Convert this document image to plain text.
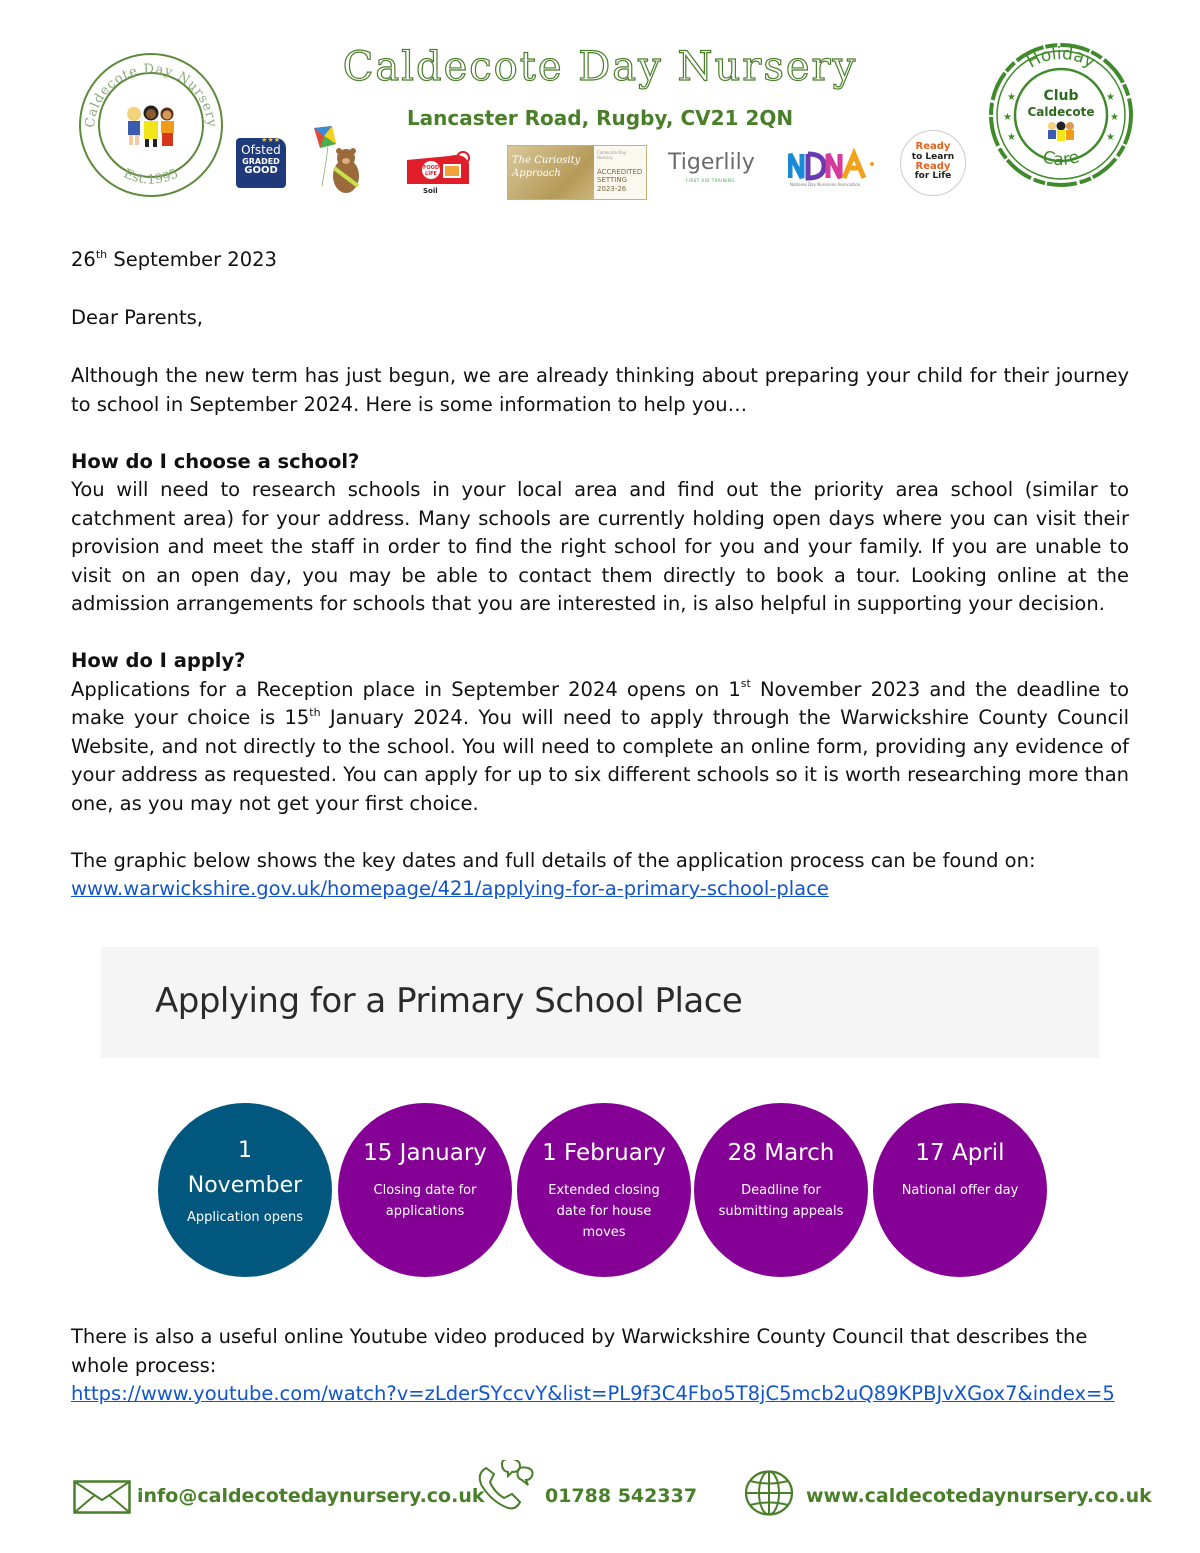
Caldecote Day Nursery
Est.1995
Caldecote Day Nursery
Lancaster Road, Rugby, CV21 2QN
★★★
Ofsted
GRADED
GOOD	FOOD
LIFE
Soil
The Curiosity Approach
Caldecote Day Nursery
ACCREDITED SETTING 2023-26
Tigerlily
FIRST AID TRAINING
National Day Nurseries Association
Ready
to Learn
Ready
for Life
Holiday
Care
Club
Caldecote
★
★
★
★
★
★

26th September 2023

Dear Parents,

Although the new term has just begun, we are already thinking about preparing your child for their journey to school in September 2024. Here is some information to help you…

How do I choose a school?

You will need to research schools in your local area and find out the priority area school (similar to catchment area) for your address. Many schools are currently holding open days where you can visit their provision and meet the staff in order to find the right school for you and your family. If you are unable to visit on an open day, you may be able to contact them directly to book a tour. Looking online at the admission arrangements for schools that you are interested in, is also helpful in supporting your decision.

How do I apply?

Applications for a Reception place in September 2024 opens on 1st November 2023 and the deadline to make your choice is 15th January 2024. You will need to apply through the Warwickshire County Council Website, and not directly to the school. You will need to complete an online form, providing any evidence of your address as requested. You can apply for up to six different schools so it is worth researching more than one, as you may not get your first choice.

The graphic below shows the key dates and full details of the application process can be found on:

www.warwickshire.gov.uk/homepage/421/applying-for-a-primary-school-place

Applying for a Primary School Place
1
November
Application opens
15 January
Closing date for applications
1 February
Extended closing date for house moves
28 March
Deadline for submitting appeals
17 April
National offer day

There is also a useful online Youtube video produced by Warwickshire County Council that describes the whole process:

https://www.youtube.com/watch?v=zLderSYccvY&list=PL9f3C4Fbo5T8jC5mcb2uQ89KPBJvXGox7&index=5

info@caldecotedaynursery.co.uk	01788 542337	www.caldecotedaynursery.co.uk
